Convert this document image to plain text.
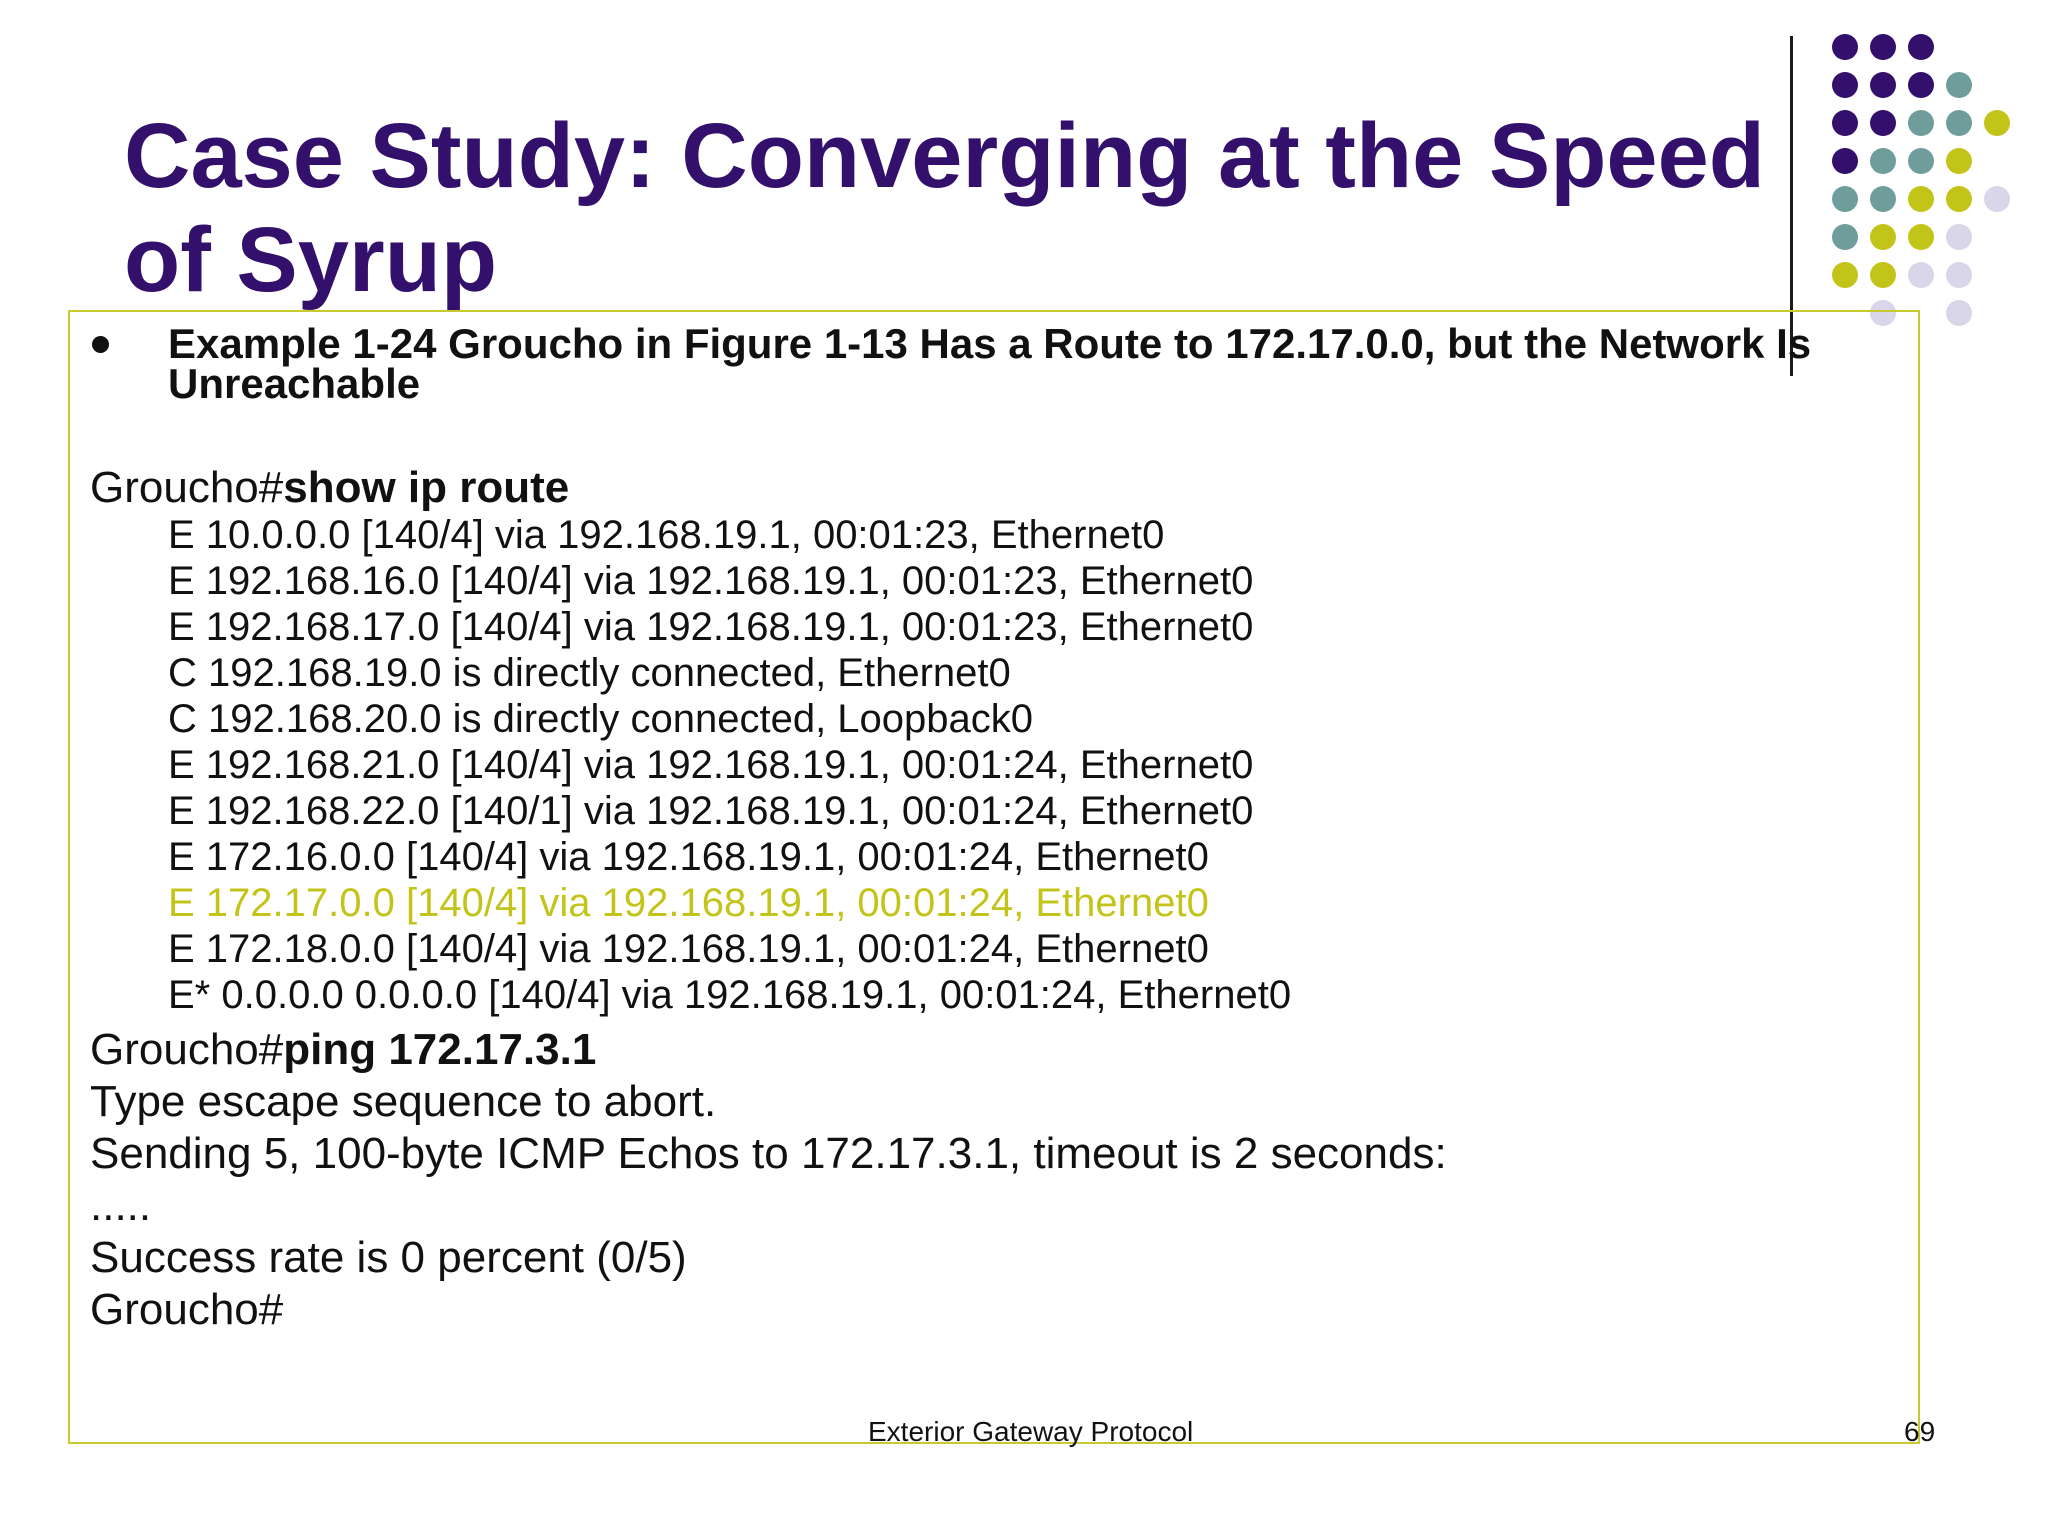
Case Study: Converging at the Speed of Syrup
Example 1-24 Groucho in Figure 1-13 Has a Route to 172.17.0.0, but the Network Is Unreachable
Groucho#show ip route
E 10.0.0.0 [140/4] via 192.168.19.1, 00:01:23, Ethernet0
E 192.168.16.0 [140/4] via 192.168.19.1, 00:01:23, Ethernet0
E 192.168.17.0 [140/4] via 192.168.19.1, 00:01:23, Ethernet0
C 192.168.19.0 is directly connected, Ethernet0
C 192.168.20.0 is directly connected, Loopback0
E 192.168.21.0 [140/4] via 192.168.19.1, 00:01:24, Ethernet0
E 192.168.22.0 [140/1] via 192.168.19.1, 00:01:24, Ethernet0
E 172.16.0.0 [140/4] via 192.168.19.1, 00:01:24, Ethernet0
E 172.17.0.0 [140/4] via 192.168.19.1, 00:01:24, Ethernet0
E 172.18.0.0 [140/4] via 192.168.19.1, 00:01:24, Ethernet0
E* 0.0.0.0 0.0.0.0 [140/4] via 192.168.19.1, 00:01:24, Ethernet0
Groucho#ping 172.17.3.1
Type escape sequence to abort.
Sending 5, 100-byte ICMP Echos to 172.17.3.1, timeout is 2 seconds:
.....
Success rate is 0 percent (0/5)
Groucho#
Exterior Gateway Protocol	69
